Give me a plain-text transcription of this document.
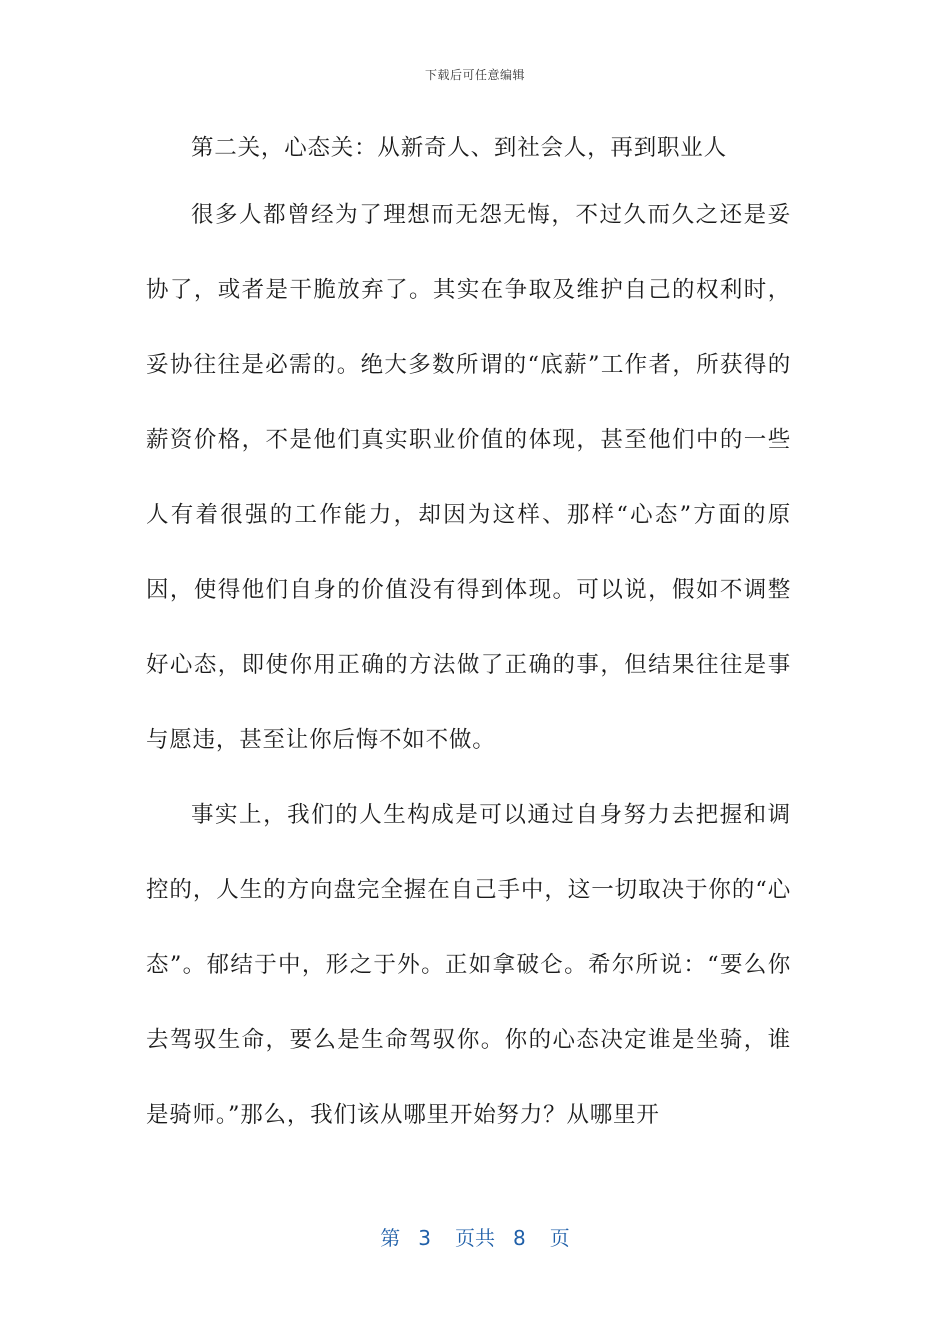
下载后可任意编辑

第二关，心态关：从新奇人、到社会人，再到职业人

很多人都曾经为了理想而无怨无悔，不过久而久之还是妥协了，或者是干脆放弃了。其实在争取及维护自己的权利时，妥协往往是必需的。绝大多数所谓的“底薪”工作者，所获得的薪资价格，不是他们真实职业价值的体现，甚至他们中的一些人有着很强的工作能力，却因为这样、那样“心态”方面的原因，使得他们自身的价值没有得到体现。可以说，假如不调整好心态，即使你用正确的方法做了正确的事，但结果往往是事与愿违，甚至让你后悔不如不做。

事实上，我们的人生构成是可以通过自身努力去把握和调控的，人生的方向盘完全握在自己手中，这一切取决于你的“心态”。郁结于中，形之于外。正如拿破仑。希尔所说：“要么你去驾驭生命，要么是生命驾驭你。你的心态决定谁是坐骑，谁是骑师。”那么，我们该从哪里开始努力？从哪里开

第 3 页共 8 页
